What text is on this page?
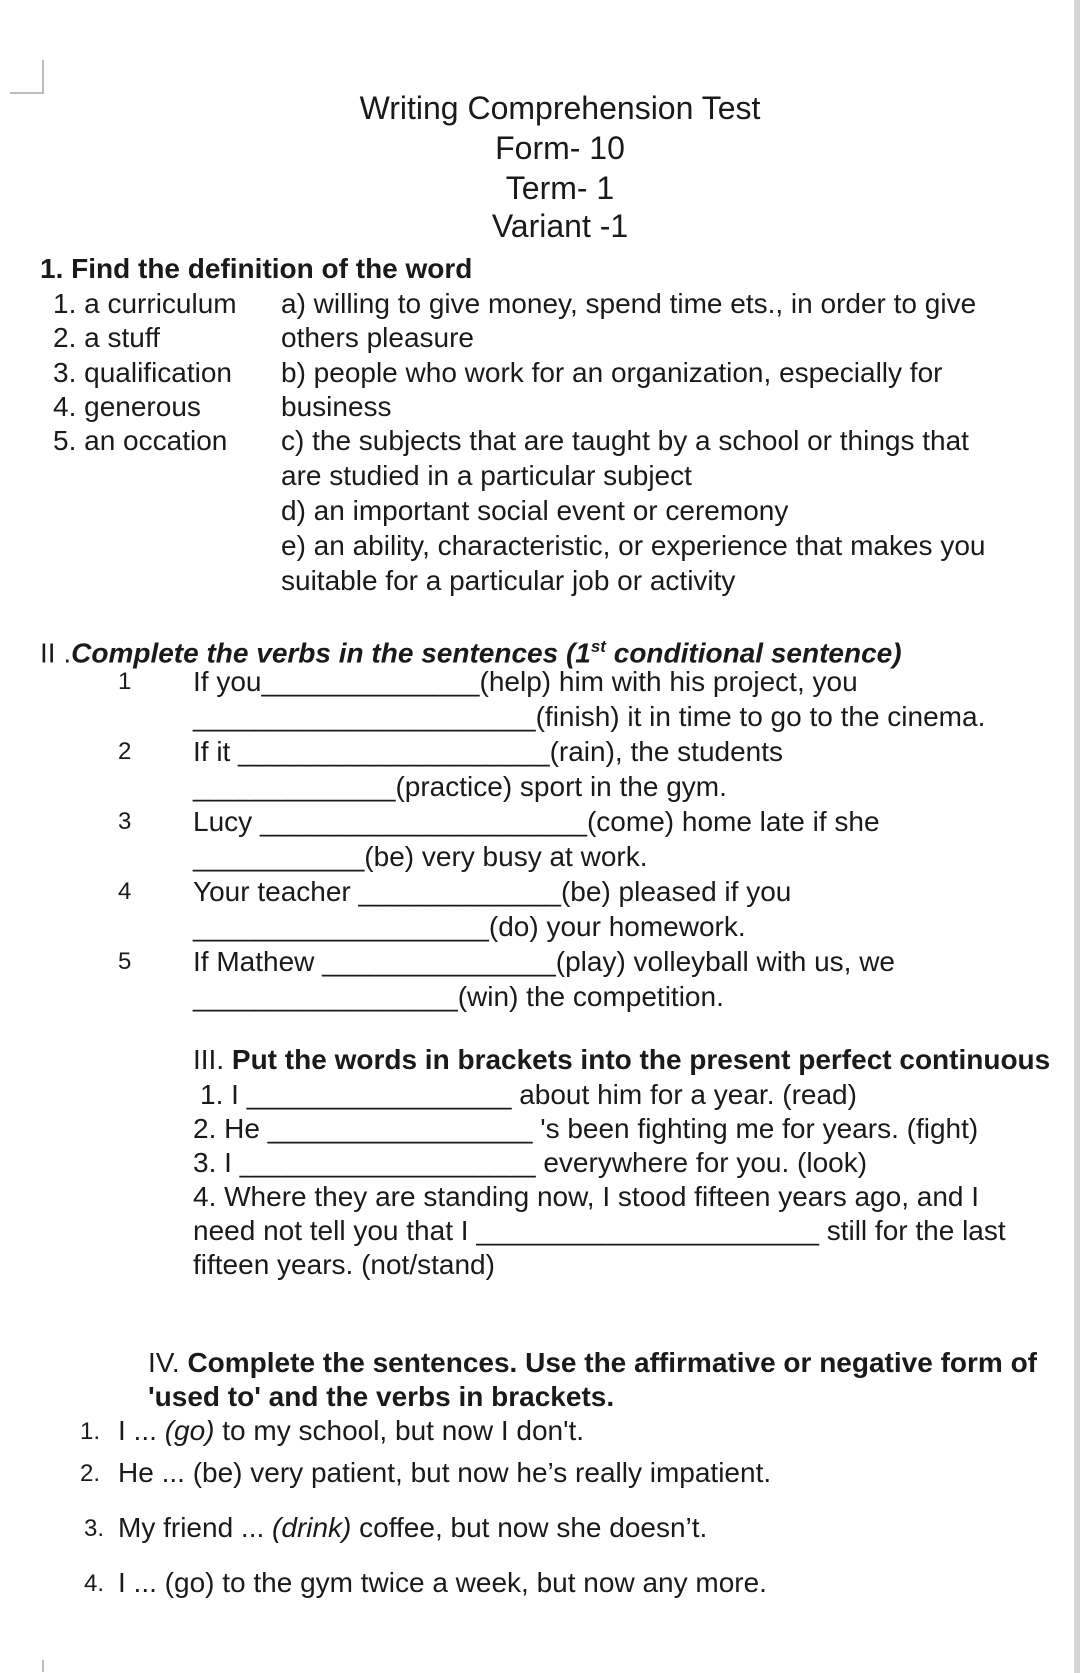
Writing Comprehension Test
Form- 10
Term- 1
Variant -1
1. Find the definition of the word
1. a curriculum
2. a stuff
3. qualification
4. generous
5. an occation
a) willing to give money, spend time ets., in order to give
others pleasure
b) people who work for an organization, especially for
business
c) the subjects that are taught by a school or things that
are studied in a particular subject
d) an important social event or ceremony
e) an ability, characteristic, or experience that makes you
suitable for a particular job or activity
II .Complete the verbs in the sentences (1st conditional sentence)
1 If you______________(help) him with his project, you
______________________(finish) it in time to go to the cinema.
2 If it ____________________(rain), the students
_____________(practice) sport in the gym.
3 Lucy _____________________(come) home late if she
___________(be) very busy at work.
4 Your teacher _____________(be) pleased if you
___________________(do) your homework.
5 If Mathew _______________(play) volleyball with us, we
_________________(win) the competition.
III. Put the words in brackets into the present perfect continuous
1. I _________________ about him for a year. (read)
2. He _________________ 's been fighting me for years. (fight)
3. I ___________________ everywhere for you. (look)
4. Where they are standing now, I stood fifteen years ago, and I
need not tell you that I ______________________ still for the last
fifteen years. (not/stand)
IV. Complete the sentences. Use the affirmative or negative form of
'used to' and the verbs in brackets.
1. I ... (go) to my school, but now I don't.
2. He ... (be) very patient, but now he’s really impatient.
3. My friend ... (drink) coffee, but now she doesn’t.
4. I ... (go) to the gym twice a week, but now any more.
